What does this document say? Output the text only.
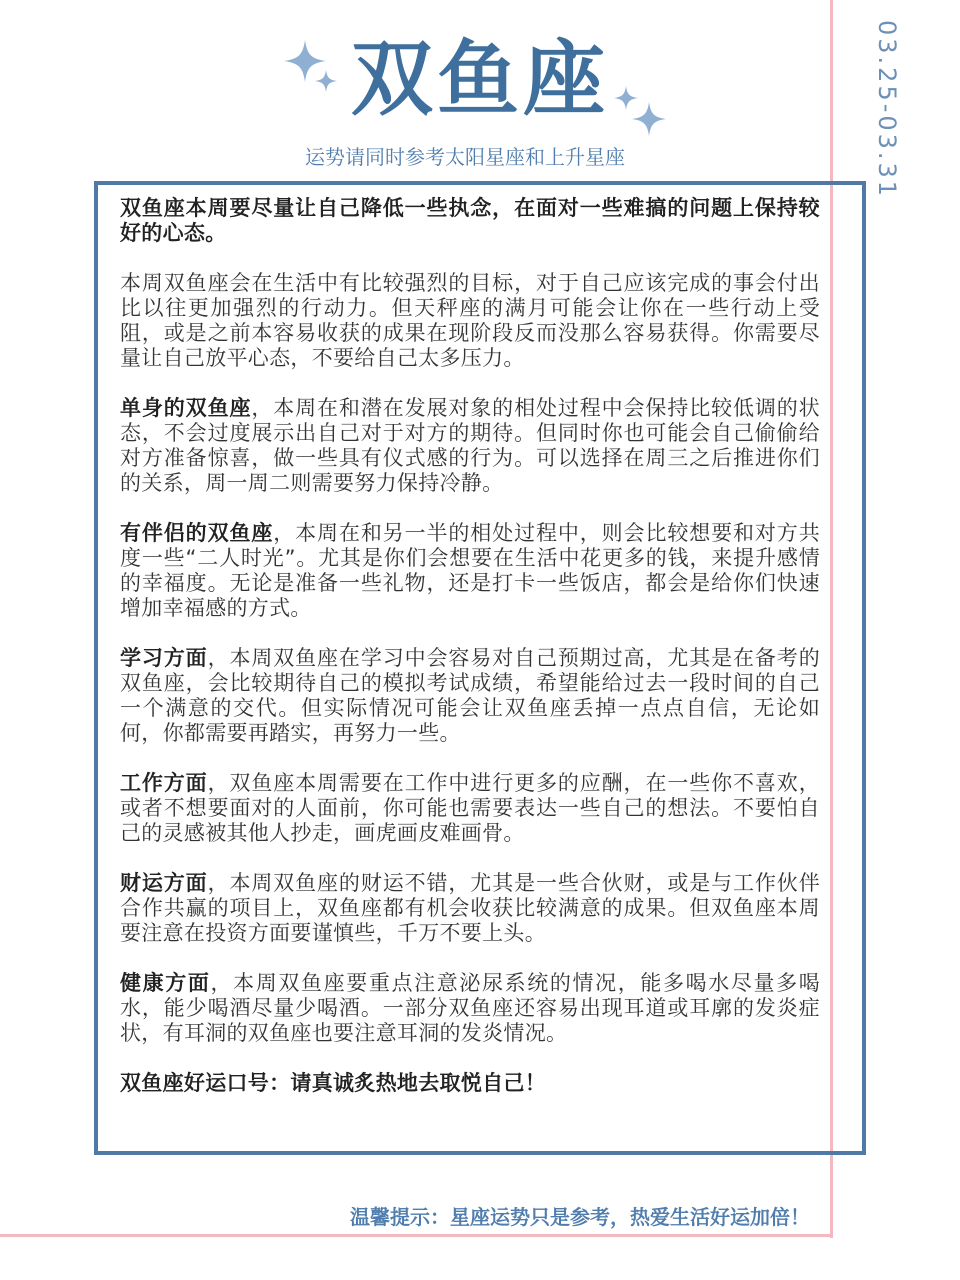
双鱼座
运势请同时参考太阳星座和上升星座	03.25-03.31

双鱼座本周要尽量让自己降低一些执念，在面对一些难搞的问题上保持较好的心态。

本周双鱼座会在生活中有比较强烈的目标，对于自己应该完成的事会付出比以往更加强烈的行动力。但天秤座的满月可能会让你在一些行动上受阻，或是之前本容易收获的成果在现阶段反而没那么容易获得。你需要尽量让自己放平心态，不要给自己太多压力。

单身的双鱼座，本周在和潜在发展对象的相处过程中会保持比较低调的状态，不会过度展示出自己对于对方的期待。但同时你也可能会自己偷偷给对方准备惊喜，做一些具有仪式感的行为。可以选择在周三之后推进你们的关系，周一周二则需要努力保持冷静。

有伴侣的双鱼座，本周在和另一半的相处过程中，则会比较想要和对方共度一些“二人时光”。尤其是你们会想要在生活中花更多的钱，来提升感情的幸福度。无论是准备一些礼物，还是打卡一些饭店，都会是给你们快速增加幸福感的方式。

学习方面，本周双鱼座在学习中会容易对自己预期过高，尤其是在备考的双鱼座，会比较期待自己的模拟考试成绩，希望能给过去一段时间的自己一个满意的交代。但实际情况可能会让双鱼座丢掉一点点自信，无论如何，你都需要再踏实，再努力一些。

工作方面，双鱼座本周需要在工作中进行更多的应酬，在一些你不喜欢，或者不想要面对的人面前，你可能也需要表达一些自己的想法。不要怕自己的灵感被其他人抄走，画虎画皮难画骨。

财运方面，本周双鱼座的财运不错，尤其是一些合伙财，或是与工作伙伴合作共赢的项目上，双鱼座都有机会收获比较满意的成果。但双鱼座本周要注意在投资方面要谨慎些，千万不要上头。

健康方面，本周双鱼座要重点注意泌尿系统的情况，能多喝水尽量多喝水，能少喝酒尽量少喝酒。一部分双鱼座还容易出现耳道或耳廓的发炎症状，有耳洞的双鱼座也要注意耳洞的发炎情况。

双鱼座好运口号：请真诚炙热地去取悦自己！

温馨提示：星座运势只是参考，热爱生活好运加倍！
